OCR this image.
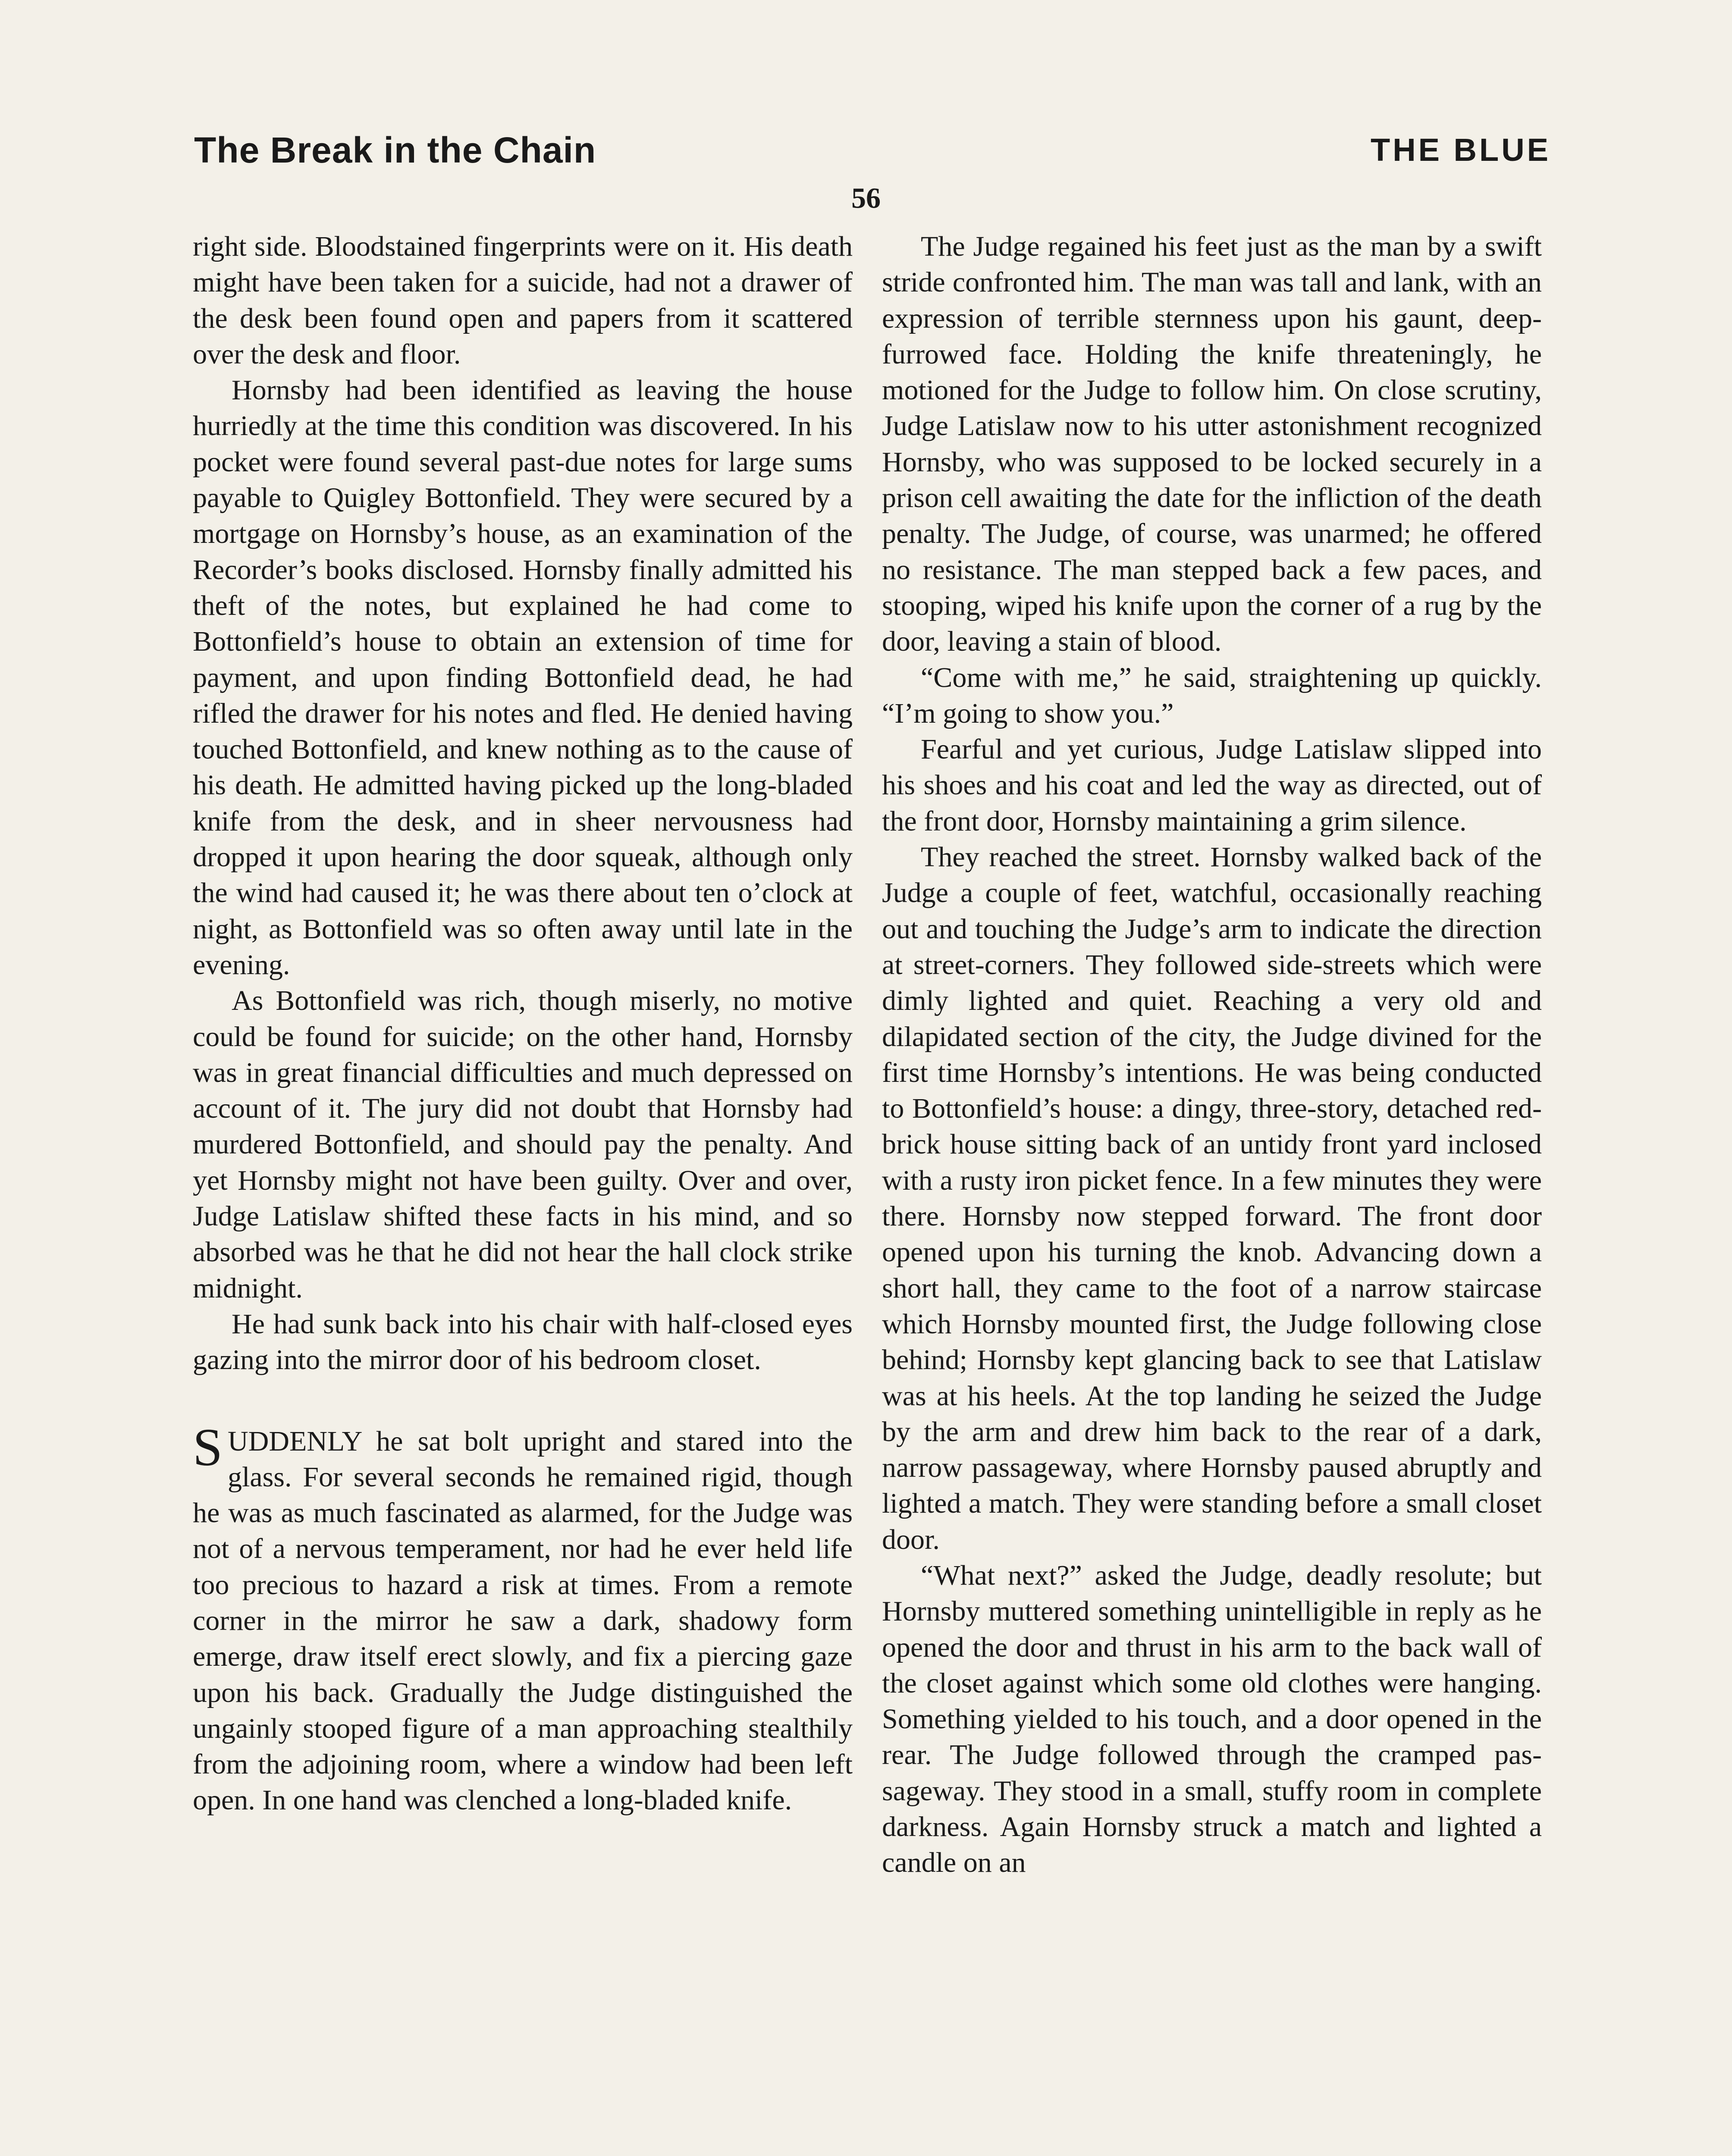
The Break in the Chain	THE BLUE
56

right side. Bloodstained fingerprints were on it. His death might have been taken for a suicide, had not a drawer of the desk been found open and papers from it scattered over the desk and floor.

Hornsby had been identified as leaving the house hurriedly at the time this condition was discovered. In his pocket were found several past-due notes for large sums payable to Quigley Bottonfield. They were secured by a mortgage on Hornsby’s house, as an examination of the Recorder’s books disclosed. Hornsby finally admitted his theft of the notes, but explained he had come to Bottonfield’s house to obtain an extension of time for payment, and upon finding Bottonfield dead, he had rifled the drawer for his notes and fled. He denied having touched Bottonfield, and knew nothing as to the cause of his death. He admitted having picked up the long-bladed knife from the desk, and in sheer nervousness had dropped it upon hearing the door squeak, although only the wind had caused it; he was there about ten o’clock at night, as Bottonfield was so often away until late in the evening.

As Bottonfield was rich, though miserly, no motive could be found for suicide; on the other hand, Hornsby was in great financial difficulties and much depressed on account of it. The jury did not doubt that Hornsby had murdered Bottonfield, and should pay the penalty. And yet Hornsby might not have been guilty. Over and over, Judge Latislaw shifted these facts in his mind, and so absorbed was he that he did not hear the hall clock strike midnight.

He had sunk back into his chair with half-closed eyes gazing into the mirror door of his bedroom closet.

SUDDENLY he sat bolt upright and stared into the glass. For several seconds he remained rigid, though he was as much fascinated as alarmed, for the Judge was not of a nervous temperament, nor had he ever held life too precious to hazard a risk at times. From a remote corner in the mirror he saw a dark, shadowy form emerge, draw itself erect slowly, and fix a piercing gaze upon his back. Gradually the Judge distinguished the ungainly stooped figure of a man approaching stealthily from the adjoining room, where a window had been left open. In one hand was clenched a long-bladed knife.

The Judge regained his feet just as the man by a swift stride confronted him. The man was tall and lank, with an expression of terrible sternness upon his gaunt, deep-furrowed face. Holding the knife threateningly, he motioned for the Judge to follow him. On close scrutiny, Judge Latislaw now to his utter astonishment recognized Hornsby, who was supposed to be locked securely in a prison cell awaiting the date for the infliction of the death penalty. The Judge, of course, was unarmed; he offered no resistance. The man stepped back a few paces, and stooping, wiped his knife upon the corner of a rug by the door, leaving a stain of blood.

“Come with me,” he said, straightening up quickly. “I’m going to show you.”

Fearful and yet curious, Judge Latislaw slipped into his shoes and his coat and led the way as directed, out of the front door, Hornsby maintaining a grim silence.

They reached the street. Hornsby walked back of the Judge a couple of feet, watchful, occasionally reaching out and touching the Judge’s arm to indicate the direction at street-corners. They followed side-streets which were dimly lighted and quiet. Reaching a very old and dilapidated section of the city, the Judge divined for the first time Hornsby’s intentions. He was being conducted to Bottonfield’s house: a dingy, three-story, detached red-brick house sitting back of an untidy front yard inclosed with a rusty iron picket fence. In a few minutes they were there. Hornsby now stepped forward. The front door opened upon his turning the knob. Advancing down a short hall, they came to the foot of a narrow staircase which Hornsby mounted first, the Judge following close behind; Hornsby kept glancing back to see that Latislaw was at his heels. At the top landing he seized the Judge by the arm and drew him back to the rear of a dark, narrow passageway, where Hornsby paused abruptly and lighted a match. They were standing before a small closet door.

“What next?” asked the Judge, deadly resolute; but Hornsby muttered something unintelligible in reply as he opened the door and thrust in his arm to the back wall of the closet against which some old clothes were hanging. Something yielded to his touch, and a door opened in the rear. The Judge followed through the cramped passageway. They stood in a small, stuffy room in complete darkness. Again Hornsby struck a match and lighted a candle on an
